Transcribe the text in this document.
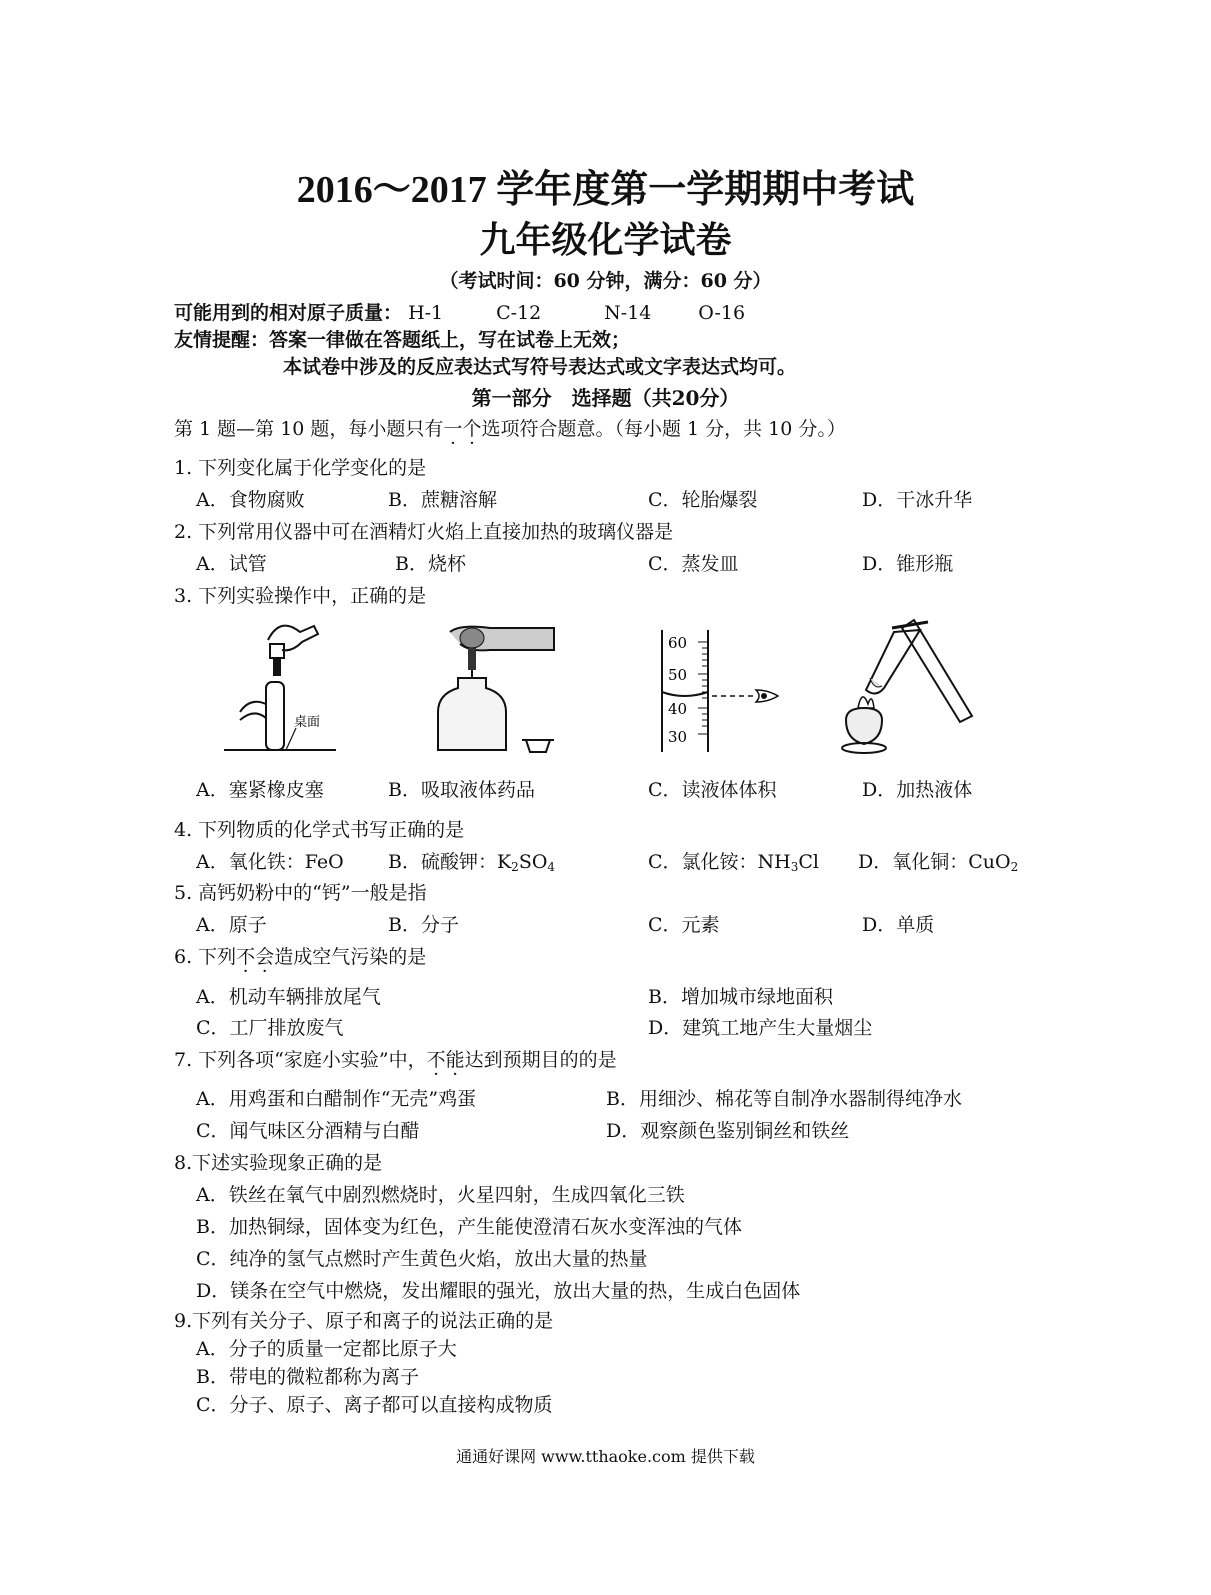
2016～2017 学年度第一学期期中考试
九年级化学试卷
（考试时间：60 分钟，满分：60 分）
可能用到的相对原子质量： H-1	C-12	N-14 O-16
友情提醒：答案一律做在答题纸上，写在试卷上无效；
本试卷中涉及的反应表达式写符号表达式或文字表达式均可。
第一部分　选择题（共20分）
第 1 题—第 10 题，每小题只有一个选项符合题意。（每小题 1 分，共 10 分。）
1. 下列变化属于化学变化的是
A．食物腐败	B．蔗糖溶解	C．轮胎爆裂	D．干冰升华
2. 下列常用仪器中可在酒精灯火焰上直接加热的玻璃仪器是
A．试管	B．烧杯	C．蒸发皿	D．锥形瓶
3. 下列实验操作中，正确的是
桌面
60
50
40
30
A．塞紧橡皮塞	B．吸取液体药品	C．读液体体积	D．加热液体
4. 下列物质的化学式书写正确的是
A．氧化铁：FeO B．硫酸钾：$K_2SO_4$	C．氯化铵：$NH_3Cl$ D．氧化铜：CuO$_2$
5. 高钙奶粉中的“钙”一般是指
A．原子	B．分子	C．元素	D．单质
6. 下列不会造成空气污染的是
A．机动车辆排放尾气	B．增加城市绿地面积
C．工厂排放废气	D．建筑工地产生大量烟尘
7. 下列各项“家庭小实验”中，不能达到预期目的的是
A．用鸡蛋和白醋制作“无壳”鸡蛋	B．用细沙、棉花等自制净水器制得纯净水
C．闻气味区分酒精与白醋	D．观察颜色鉴别铜丝和铁丝
8.下述实验现象正确的是
A．铁丝在氧气中剧烈燃烧时，火星四射，生成四氧化三铁
B．加热铜绿，固体变为红色，产生能使澄清石灰水变浑浊的气体
C．纯净的氢气点燃时产生黄色火焰，放出大量的热量
D．镁条在空气中燃烧，发出耀眼的强光，放出大量的热，生成白色固体
9.下列有关分子、原子和离子的说法正确的是
A．分子的质量一定都比原子大
B．带电的微粒都称为离子
C．分子、原子、离子都可以直接构成物质
通通好课网 www.tthaoke.com 提供下载
